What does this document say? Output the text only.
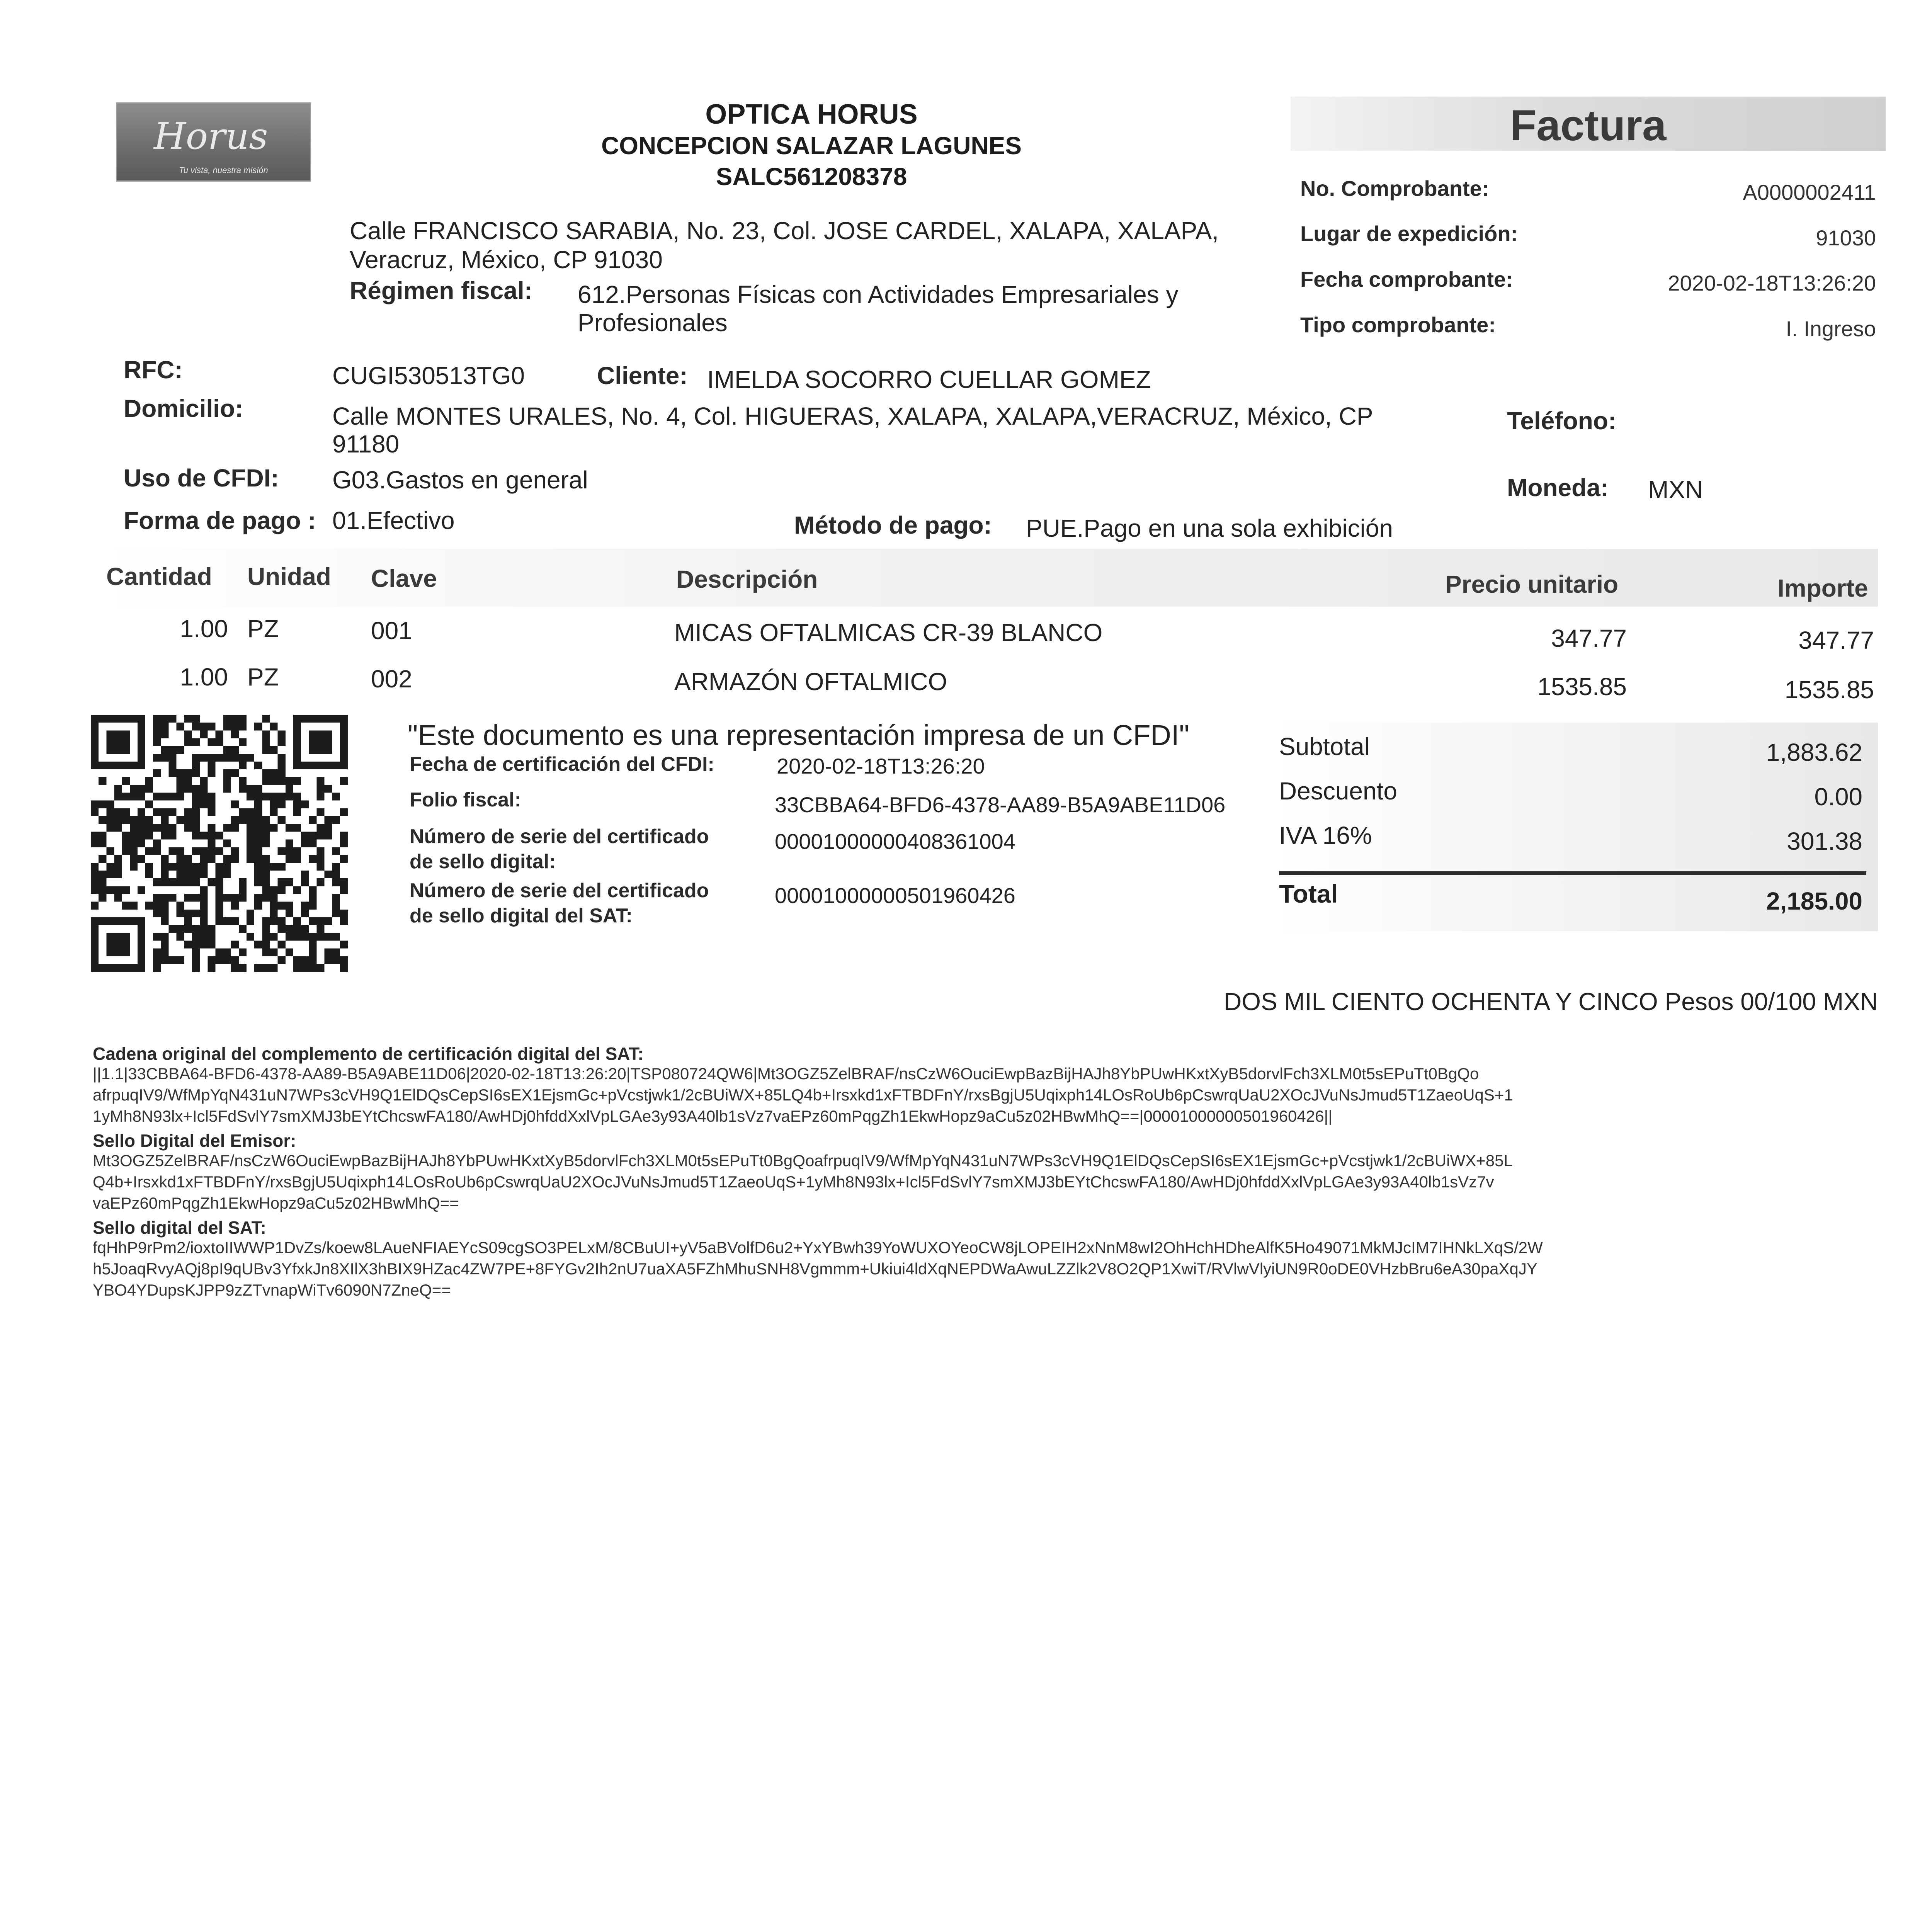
Horus
Tu vista, nuestra misión
OPTICA HORUS
CONCEPCION SALAZAR LAGUNES
SALC561208378
Calle FRANCISCO SARABIA, No. 23, Col. JOSE CARDEL, XALAPA, XALAPA,
Veracruz, México, CP 91030
Régimen fiscal: 612.Personas Físicas con Actividades Empresariales y
Profesionales
Factura
No. Comprobante:	A0000002411
Lugar de expedición:	91030
Fecha comprobante:	2020-02-18T13:26:20
Tipo comprobante:	I. Ingreso
RFC:	CUGI530513TG0	Cliente: IMELDA SOCORRO CUELLAR GOMEZ
Domicilio:	Calle MONTES URALES, No. 4, Col. HIGUERAS, XALAPA, XALAPA,VERACRUZ, México, CP
91180
Teléfono:
Uso de CFDI: G03.Gastos en general	Moneda: MXN
Forma de pago : 01.Efectivo	Método de pago: PUE.Pago en una sola exhibición
Cantidad Unidad Clave	Descripción	Precio unitario	Importe
1.00 PZ	001	MICAS OFTALMICAS CR-39 BLANCO	347.77	347.77
1.00 PZ	002	ARMAZÓN OFTALMICO	1535.85	1535.85
"Este documento es una representación impresa de un CFDI"
Fecha de certificación del CFDI:	2020-02-18T13:26:20
Folio fiscal:	33CBBA64-BFD6-4378-AA89-B5A9ABE11D06
Número de serie del certificado
de sello digital:
00001000000408361004
Número de serie del certificado
de sello digital del SAT:
00001000000501960426
Subtotal	1,883.62
Descuento	0.00
IVA 16%	301.38
Total	2,185.00
DOS MIL CIENTO OCHENTA Y CINCO Pesos 00/100 MXN
Cadena original del complemento de certificación digital del SAT:
||1.1|33CBBA64-BFD6-4378-AA89-B5A9ABE11D06|2020-02-18T13:26:20|TSP080724QW6|Mt3OGZ5ZelBRAF/nsCzW6OuciEwpBazBijHAJh8YbPUwHKxtXyB5dorvlFch3XLM0t5sEPuTt0BgQo
afrpuqIV9/WfMpYqN431uN7WPs3cVH9Q1ElDQsCepSI6sEX1EjsmGc+pVcstjwk1/2cBUiWX+85LQ4b+Irsxkd1xFTBDFnY/rxsBgjU5Uqixph14LOsRoUb6pCswrqUaU2XOcJVuNsJmud5T1ZaeoUqS+1
1yMh8N93lx+Icl5FdSvlY7smXMJ3bEYtChcswFA180/AwHDj0hfddXxlVpLGAe3y93A40lb1sVz7vaEPz60mPqgZh1EkwHopz9aCu5z02HBwMhQ==|00001000000501960426||
Sello Digital del Emisor:
Mt3OGZ5ZelBRAF/nsCzW6OuciEwpBazBijHAJh8YbPUwHKxtXyB5dorvlFch3XLM0t5sEPuTt0BgQoafrpuqIV9/WfMpYqN431uN7WPs3cVH9Q1ElDQsCepSI6sEX1EjsmGc+pVcstjwk1/2cBUiWX+85L
Q4b+Irsxkd1xFTBDFnY/rxsBgjU5Uqixph14LOsRoUb6pCswrqUaU2XOcJVuNsJmud5T1ZaeoUqS+1yMh8N93lx+Icl5FdSvlY7smXMJ3bEYtChcswFA180/AwHDj0hfddXxlVpLGAe3y93A40lb1sVz7v
vaEPz60mPqgZh1EkwHopz9aCu5z02HBwMhQ==
Sello digital del SAT:
fqHhP9rPm2/ioxtoIIWWP1DvZs/koew8LAueNFIAEYcS09cgSO3PELxM/8CBuUI+yV5aBVolfD6u2+YxYBwh39YoWUXOYeoCW8jLOPEIH2xNnM8wI2OhHchHDheAlfK5Ho49071MkMJcIM7IHNkLXqS/2W
h5JoaqRvyAQj8pI9qUBv3YfxkJn8XIlX3hBIX9HZac4ZW7PE+8FYGv2Ih2nU7uaXA5FZhMhuSNH8Vgmmm+Ukiui4ldXqNEPDWaAwuLZZlk2V8O2QP1XwiT/RVlwVlyiUN9R0oDE0VHzbBru6eA30paXqJY
YBO4YDupsKJPP9zZTvnapWiTv6090N7ZneQ==
